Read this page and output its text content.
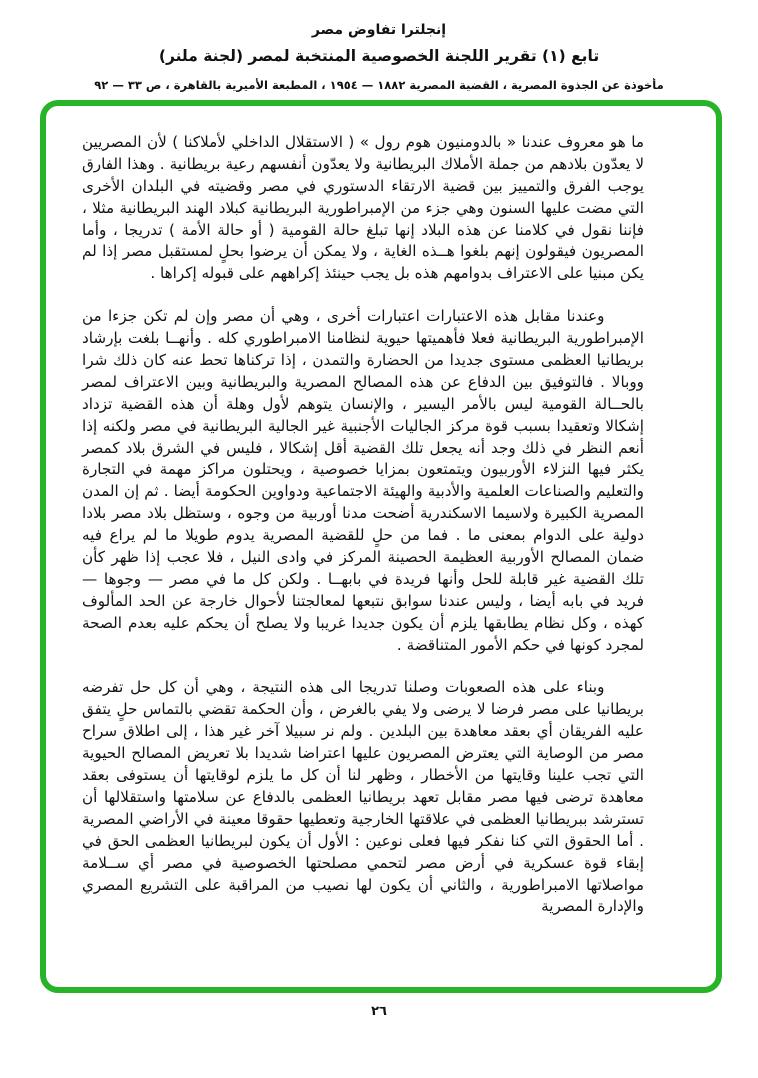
إنجلترا تفاوض مصر
تابع (١) تقرير اللجنة الخصوصية المنتخبة لمصر (لجنة ملنر)
مأخوذة عن الجذوة المصرية ، القضية المصرية ١٨٨٢ — ١٩٥٤ ، المطبعة الأميرية بالقاهرة ، ص ٣٣ — ٩٢

ما هو معروف عندنا « بالدومنيون هوم رول » ( الاستقلال الداخلي لأملاكنا ) لأن المصريين لا يعدّون بلادهم من جملة الأملاك البريطانية ولا يعدّون أنفسهم رعية بريطانية . وهذا الفارق يوجب الفرق والتمييز بين قضية الارتقاء الدستوري في مصر وقضيته في البلدان الأخرى التي مضت عليها السنون وهي جزء من الإمبراطورية البريطانية كبلاد الهند البريطانية مثلا ، فإننا نقول في كلامنا عن هذه البلاد إنها تبلغ حالة القومية ( أو حالة الأمة ) تدريجا ، وأما المصريون فيقولون إنهم بلغوا هــذه الغاية ، ولا يمكن أن يرضوا بحلٍ لمستقبل مصر إذا لم يكن مبنيا على الاعتراف بدوامهم هذه بل يجب حينئذ إكراههم على قبوله إكراها .

وعندنا مقابل هذه الاعتبارات اعتبارات أخرى ، وهي أن مصر وإن لم تكن جزءا من الإمبراطورية البريطانية فعلا فأهميتها حيوية لنظامنا الامبراطوري كله . وأنهــا بلغت بإرشاد بريطانيا العظمى مستوى جديدا من الحضارة والتمدن ، إذا تركناها تحط عنه كان ذلك شرا ووبالا . فالتوفيق بين الدفاع عن هذه المصالح المصرية والبريطانية وبين الاعتراف لمصر بالحــالة القومية ليس بالأمر اليسير ، والإنسان يتوهم لأول وهلة أن هذه القضية تزداد إشكالا وتعقيدا بسبب قوة مركز الجاليات الأجنبية غير الجالية البريطانية في مصر ولكنه إذا أنعم النظر في ذلك وجد أنه يجعل تلك القضية أقل إشكالا ، فليس في الشرق بلاد كمصر يكثر فيها النزلاء الأوربيون ويتمتعون بمزايا خصوصية ، ويحتلون مراكز مهمة في التجارة والتعليم والصناعات العلمية والأدبية والهيئة الاجتماعية ودواوين الحكومة أيضا . ثم إن المدن المصرية الكبيرة ولاسيما الاسكندرية أضحت مدنا أوربية من وجوه ، وستظل بلاد مصر بلادا دولية على الدوام بمعنى ما . فما من حلٍ للقضية المصرية يدوم طويلا ما لم يراع فيه ضمان المصالح الأوربية العظيمة الحصينة المركز في وادى النيل ، فلا عجب إذا ظهر كأن تلك القضية غير قابلة للحل وأنها فريدة في بابهــا . ولكن كل ما في مصر — وجوها — فريد في بابه أيضا ، وليس عندنا سوابق نتبعها لمعالجتنا لأحوال خارجة عن الحد المألوف كهذه ، وكل نظام يطابقها يلزم أن يكون جديدا غريبا ولا يصلح أن يحكم عليه بعدم الصحة لمجرد كونها في حكم الأمور المتناقضة .

وبناء على هذه الصعوبات وصلنا تدريجا الى هذه النتيجة ، وهي أن كل حل تفرضه بريطانيا على مصر فرضا لا يرضى ولا يفي بالغرض ، وأن الحكمة تقضي بالتماس حلٍ يتفق عليه الفريقان أي بعقد معاهدة بين البلدين . ولم نر سبيلا آخر غير هذا ، إلى اطلاق سراح مصر من الوصاية التي يعترض المصريون عليها اعتراضا شديدا بلا تعريض المصالح الحيوية التي تجب علينا وقايتها من الأخطار ، وظهر لنا أن كل ما يلزم لوقايتها أن يستوفى بعقد معاهدة ترضى فيها مصر مقابل تعهد بريطانيا العظمى بالدفاع عن سلامتها واستقلالها أن تسترشد ببريطانيا العظمى في علاقتها الخارجية وتعطيها حقوقا معينة في الأراضي المصرية . أما الحقوق التي كنا نفكر فيها فعلى نوعين : الأول أن يكون لبريطانيا العظمى الحق في إبقاء قوة عسكرية في أرض مصر لتحمي مصلحتها الخصوصية في مصر أي ســلامة مواصلاتها الامبراطورية ، والثاني أن يكون لها نصيب من المراقبة على التشريع المصري والإدارة المصرية

٢٦
